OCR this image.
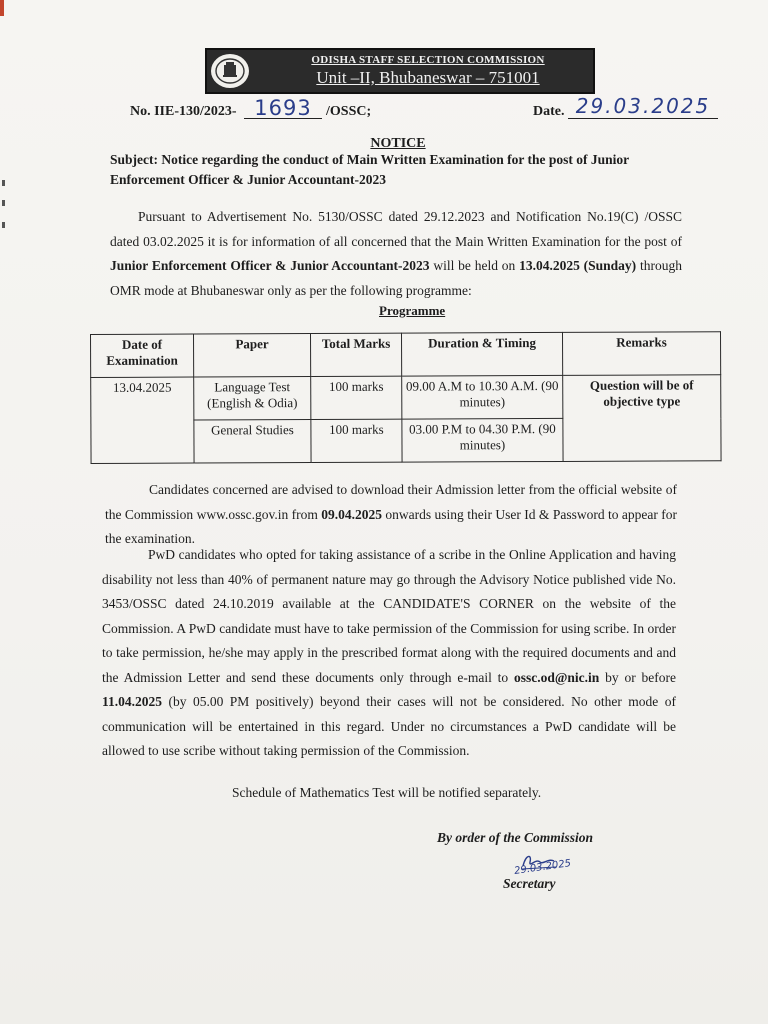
ODISHA STAFF SELECTION COMMISSION
Unit –II, Bhubaneswar – 751001
No. IIE-130/2023- 1693	/OSSC;	Date. 29.03.2025
NOTICE
Subject: Notice regarding the conduct of Main Written Examination for the post of Junior Enforcement Officer & Junior Accountant-2023
Pursuant to Advertisement No. 5130/OSSC dated 29.12.2023 and Notification No.19(C) /OSSC dated 03.02.2025 it is for information of all concerned that the Main Written Examination for the post of Junior Enforcement Officer & Junior Accountant-2023 will be held on 13.04.2025 (Sunday) through OMR mode at Bhubaneswar only as per the following programme:
Programme
Date of Examination	Paper	Total Marks	Duration & Timing	Remarks
13.04.2025	Language Test (English & Odia)	100 marks	09.00 A.M to 10.30 A.M. (90 minutes)	Question will be of objective type
	General Studies	100 marks	03.00 P.M to 04.30 P.M. (90 minutes)	
Candidates concerned are advised to download their Admission letter from the official website of the Commission www.ossc.gov.in from 09.04.2025 onwards using their User Id & Password to appear for the examination.
PwD candidates who opted for taking assistance of a scribe in the Online Application and having disability not less than 40% of permanent nature may go through the Advisory Notice published vide No. 3453/OSSC dated 24.10.2019 available at the CANDIDATE'S CORNER on the website of the Commission. A PwD candidate must have to take permission of the Commission for using scribe. In order to take permission, he/she may apply in the prescribed format along with the required documents and and the Admission Letter and send these documents only through e-mail to ossc.od@nic.in by or before 11.04.2025 (by 05.00 PM positively) beyond their cases will not be considered. No other mode of communication will be entertained in this regard. Under no circumstances a PwD candidate will be allowed to use scribe without taking permission of the Commission.
Schedule of Mathematics Test will be notified separately.
By order of the Commission
29.03.2025
Secretary
